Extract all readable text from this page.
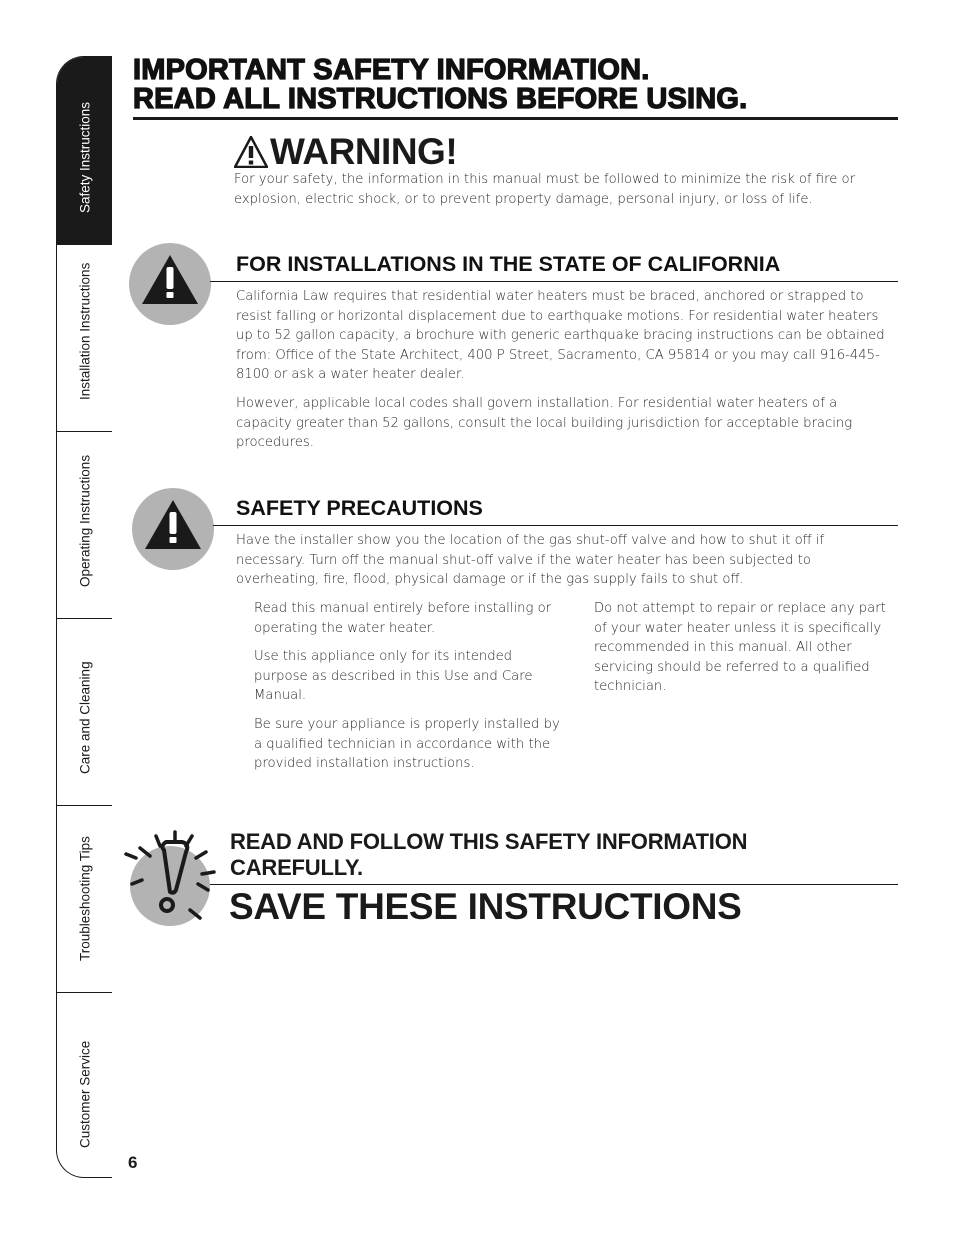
Safety Instructions
Installation Instructions
Operating Instructions
Care and Cleaning
Troubleshooting Tips
Customer Service
6
IMPORTANT SAFETY INFORMATION.
READ ALL INSTRUCTIONS BEFORE USING.
WARNING!

For your safety, the information in this manual must be followed to minimize the risk of fire or explosion, electric shock, or to prevent property damage, personal injury, or loss of life.

FOR INSTALLATIONS IN THE STATE OF CALIFORNIA

California Law requires that residential water heaters must be braced, anchored or strapped to resist falling or horizontal displacement due to earthquake motions. For residential water heaters up to 52 gallon capacity, a brochure with generic earthquake bracing instructions can be obtained from: Office of the State Architect, 400 P Street, Sacramento, CA 95814 or you may call 916-445-8100 or ask a water heater dealer.

However, applicable local codes shall govern installation. For residential water heaters of a capacity greater than 52 gallons, consult the local building jurisdiction for acceptable bracing procedures.

SAFETY PRECAUTIONS

Have the installer show you the location of the gas shut-off valve and how to shut it off if necessary. Turn off the manual shut-off valve if the water heater has been subjected to overheating, fire, flood, physical damage or if the gas supply fails to shut off.

Read this manual entirely before installing or operating the water heater.

Use this appliance only for its intended purpose as described in this Use and Care Manual.

Be sure your appliance is properly installed by a qualified technician in accordance with the provided installation instructions.

Do not attempt to repair or replace any part of your water heater unless it is specifically recommended in this manual. All other servicing should be referred to a qualified technician.

READ AND FOLLOW THIS SAFETY INFORMATION CAREFULLY.
SAVE THESE INSTRUCTIONS
